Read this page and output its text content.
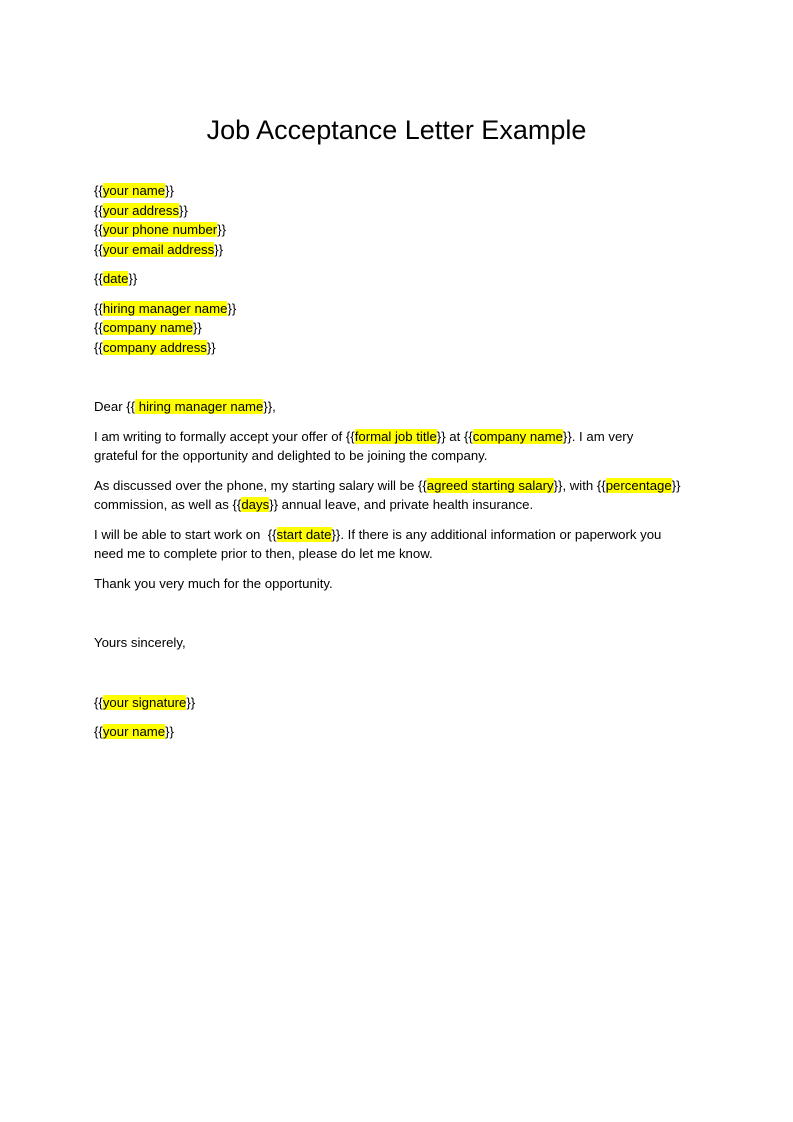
Job Acceptance Letter Example
{{your name}}
{{your address}}
{{your phone number}}
{{your email address}}
{{date}}
{{hiring manager name}}
{{company name}}
{{company address}}
Dear {{ hiring manager name}},
I am writing to formally accept your offer of {{formal job title}} at {{company name}}. I am very
grateful for the opportunity and delighted to be joining the company.
As discussed over the phone, my starting salary will be {{agreed starting salary}}, with {{percentage}}
commission, as well as {{days}} annual leave, and private health insurance.
I will be able to start work on  {{start date}}. If there is any additional information or paperwork you
need me to complete prior to then, please do let me know.
Thank you very much for the opportunity.
Yours sincerely,
{{your signature}}
{{your name}}
